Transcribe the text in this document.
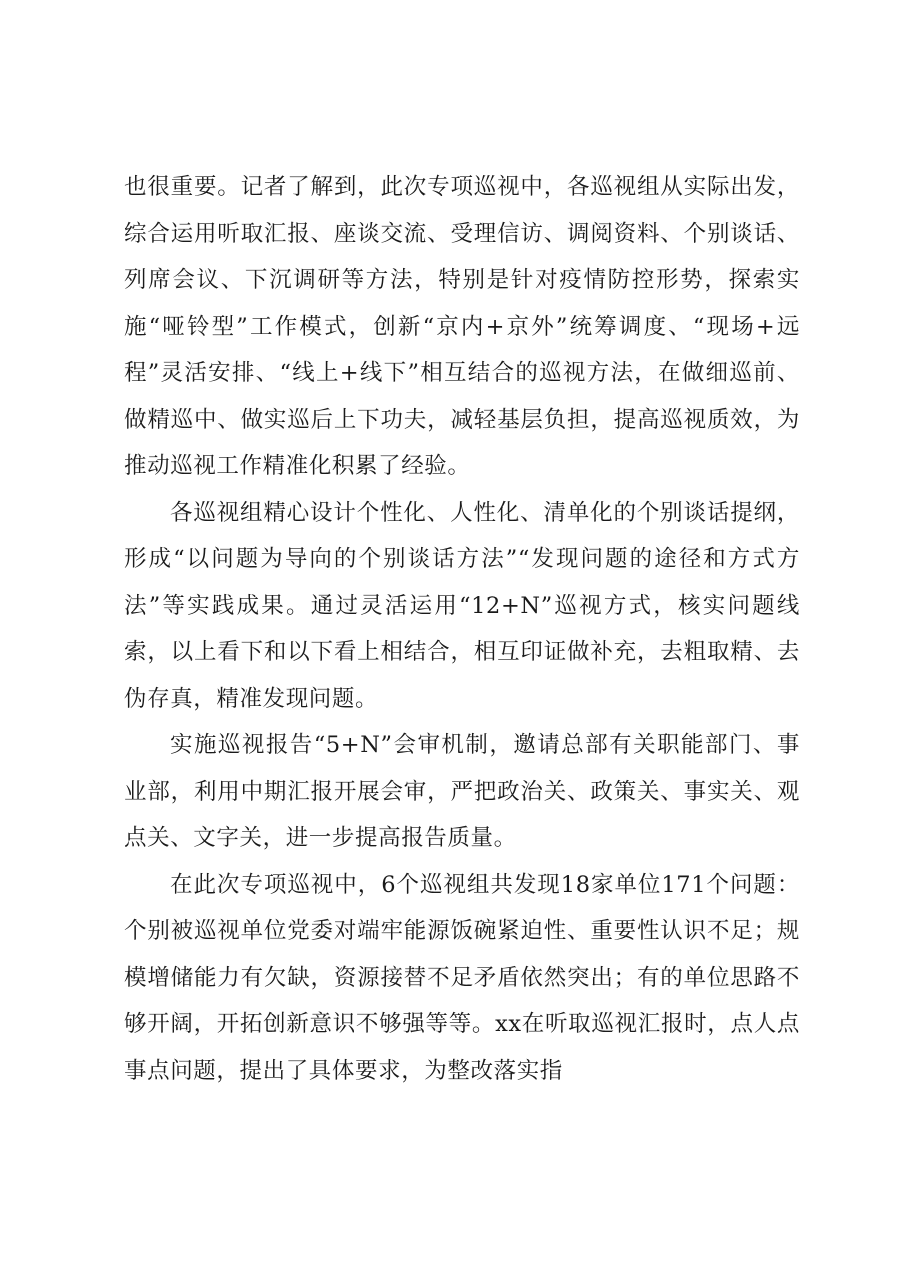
也很重要。记者了解到，此次专项巡视中，各巡视组从实际出发，综合运用听取汇报、座谈交流、受理信访、调阅资料、个别谈话、列席会议、下沉调研等方法，特别是针对疫情防控形势，探索实施“哑铃型”工作模式，创新“京内+京外”统筹调度、“现场+远程”灵活安排、“线上+线下”相互结合的巡视方法，在做细巡前、做精巡中、做实巡后上下功夫，减轻基层负担，提高巡视质效，为推动巡视工作精准化积累了经验。

各巡视组精心设计个性化、人性化、清单化的个别谈话提纲，形成“以问题为导向的个别谈话方法”“发现问题的途径和方式方法”等实践成果。通过灵活运用“12+N”巡视方式，核实问题线索，以上看下和以下看上相结合，相互印证做补充，去粗取精、去伪存真，精准发现问题。

实施巡视报告“5+N”会审机制，邀请总部有关职能部门、事业部，利用中期汇报开展会审，严把政治关、政策关、事实关、观点关、文字关，进一步提高报告质量。

在此次专项巡视中，6个巡视组共发现18家单位171个问题：个别被巡视单位党委对端牢能源饭碗紧迫性、重要性认识不足；规模增储能力有欠缺，资源接替不足矛盾依然突出；有的单位思路不够开阔，开拓创新意识不够强等等。xx在听取巡视汇报时，点人点事点问题，提出了具体要求，为整改落实指
